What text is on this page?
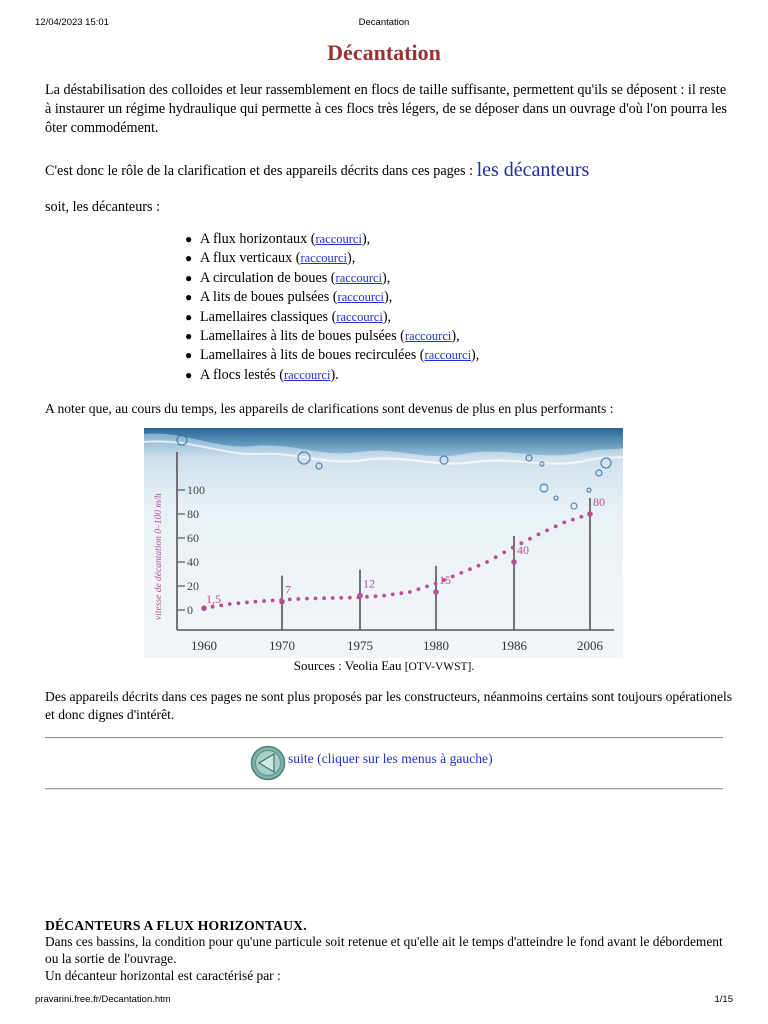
12/04/2023 15:01	Decantation
Décantation
La déstabilisation des colloides et leur rassemblement en flocs de taille suffisante, permettent qu'ils se déposent : il reste à instaurer un régime hydraulique qui permette à ces flocs très légers, de se déposer dans un ouvrage d'où l'on pourra les ôter commodément.
C'est donc le rôle de la clarification et des appareils décrits dans ces pages : les décanteurs
soit, les décanteurs :
● A flux horizontaux (raccourci),
● A flux verticaux (raccourci),
● A circulation de boues (raccourci),
● A lits de boues pulsées (raccourci),
● Lamellaires classiques (raccourci),
● Lamellaires à lits de boues pulsées (raccourci),
● Lamellaires à lits de boues recirculées (raccourci),
● A flocs lestés (raccourci).
A noter que, au cours du temps, les appareils de clarifications sont devenus de plus en plus performants :
vitesse de décantation 0–100 m/h
100
80
60
40
20
0
1960	1970	1975	1980	1986	2006
1,5
7	12	15
40
80
Sources : Veolia Eau [OTV-VWST].
Des appareils décrits dans ces pages ne sont plus proposés par les constructeurs, néanmoins certains sont toujours opérationels et donc dignes d'intérêt.
suite (cliquer sur les menus à gauche)
DÉCANTEURS A FLUX HORIZONTAUX.
Dans ces bassins, la condition pour qu'une particule soit retenue et qu'elle ait le temps d'atteindre le fond avant le débordement ou la sortie de l'ouvrage.
Un décanteur horizontal est caractérisé par :
pravarini.free.fr/Decantation.htm	1/15
